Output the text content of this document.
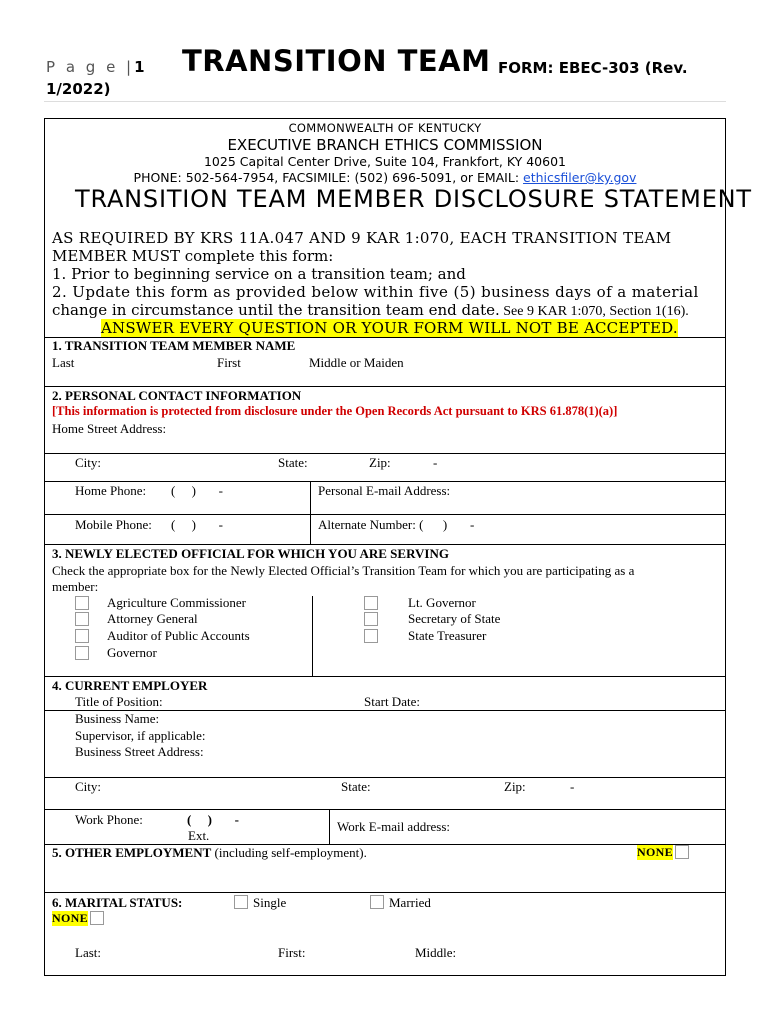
P a g e |1
1/2022)
TRANSITION TEAM FORM: EBEC-303 (Rev.
COMMONWEALTH OF KENTUCKY
EXECUTIVE BRANCH ETHICS COMMISSION
1025 Capital Center Drive, Suite 104, Frankfort, KY 40601
PHONE: 502-564-7954, FACSIMILE: (502) 696-5091, or EMAIL: ethicsfiler@ky.gov
TRANSITION TEAM MEMBER DISCLOSURE STATEMENT
AS REQUIRED BY KRS 11A.047 AND 9 KAR 1:070, EACH TRANSITION TEAM
MEMBER MUST complete this form:
1. Prior to beginning service on a transition team; and
2. Update this form as provided below within five (5) business days of a material
change in circumstance until the transition team end date. See 9 KAR 1:070, Section 1(16).
ANSWER EVERY QUESTION OR YOUR FORM WILL NOT BE ACCEPTED.
1. TRANSITION TEAM MEMBER NAME
Last	First	Middle or Maiden
2. PERSONAL CONTACT INFORMATION
[This information is protected from disclosure under the Open Records Act pursuant to KRS 61.878(1)(a)]
Home Street Address:
City:	State:	Zip:	-
Home Phone: (     )       -	Personal E-mail Address:
Mobile Phone: (     )       -	Alternate Number: (      )       -
3. NEWLY ELECTED OFFICIAL FOR WHICH YOU ARE SERVING
Check the appropriate box for the Newly Elected Official’s Transition Team for which you are participating as a
member:
Agriculture Commissioner
Attorney General
Auditor of Public Accounts
Governor
Lt. Governor
Secretary of State
State Treasurer
4. CURRENT EMPLOYER
Title of Position:	Start Date:
Business Name:
Supervisor, if applicable:
Business Street Address:
City:	State:	Zip:	-
Work Phone:	(     )       -
Ext.
Work E-mail address:
5. OTHER EMPLOYMENT (including self-employment).	NONE
6. MARITAL STATUS:	Single	Married
NONE
Last:	First:	Middle:
